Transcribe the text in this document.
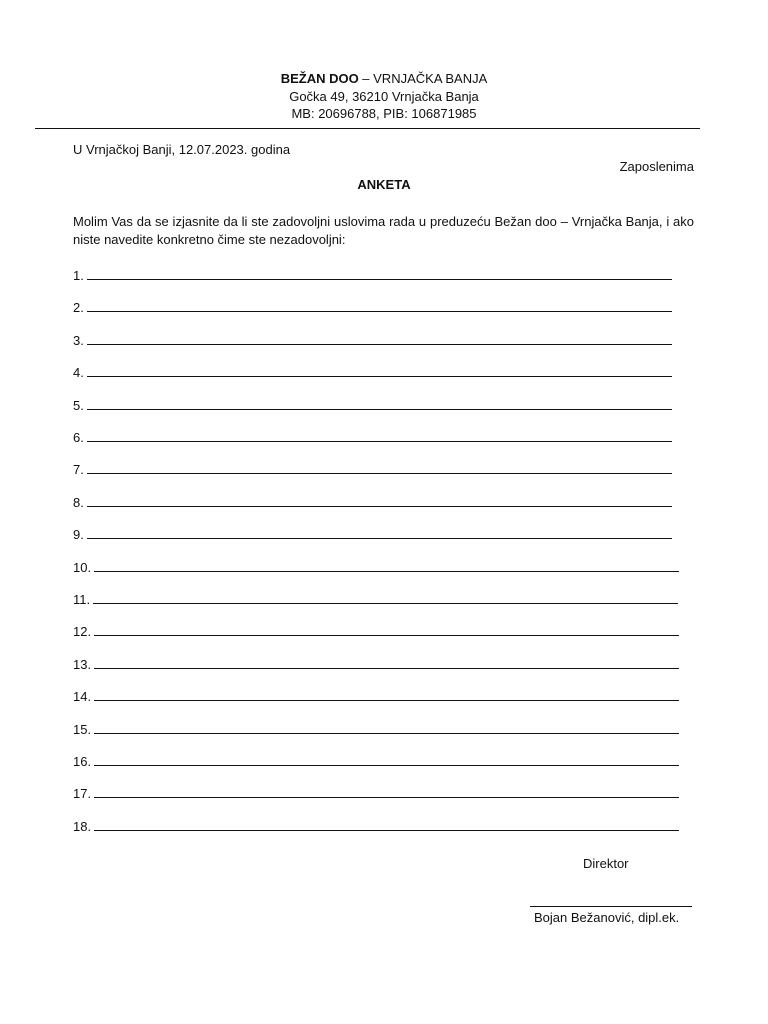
BEŽAN DOO – VRNJAČKA BANJA
Gočka 49, 36210 Vrnjačka Banja
MB: 20696788, PIB: 106871985
U Vrnjačkoj Banji, 12.07.2023. godina
Zaposlenima
ANKETA
Molim Vas da se izjasnite da li ste zadovoljni uslovima rada u preduzeću Bežan doo – Vrnjačka Banja, i ako niste navedite konkretno čime ste nezadovoljni:
1.
2.
3.
4.
5.
6.
7.
8.
9.
10.
11.
12.
13.
14.
15.
16.
17.
18.
Direktor
Bojan Bežanović, dipl.ek.
